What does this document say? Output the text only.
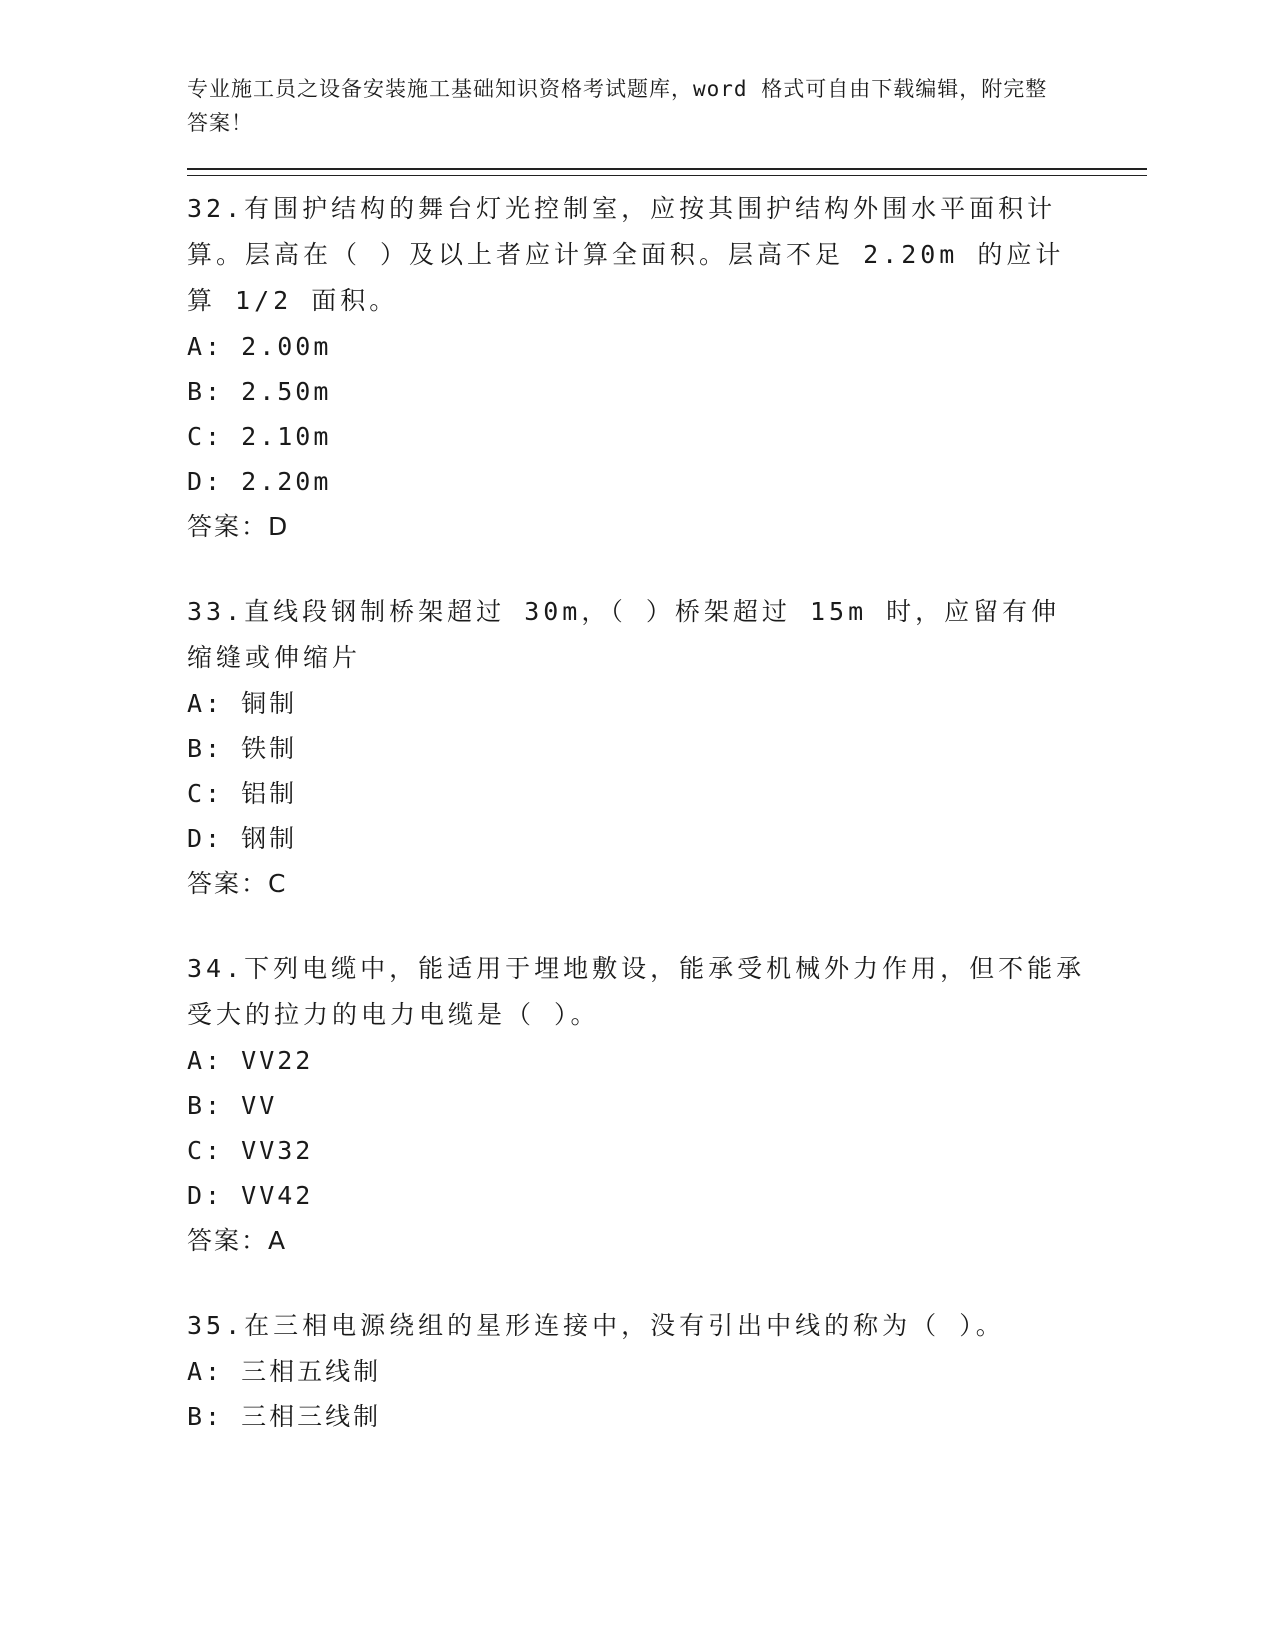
专业施工员之设备安装施工基础知识资格考试题库，word 格式可自由下载编辑，附完整答案！

32.有围护结构的舞台灯光控制室，应按其围护结构外围水平面积计算。层高在（ ）及以上者应计算全面积。层高不足 2.20m 的应计算 1/2 面积。

A: 2.00m

B: 2.50m

C: 2.10m

D: 2.20m

答案：D

33.直线段钢制桥架超过 30m，（ ）桥架超过 15m 时，应留有伸缩缝或伸缩片

A: 铜制

B: 铁制

C: 铝制

D: 钢制

答案：C

34.下列电缆中，能适用于埋地敷设，能承受机械外力作用，但不能承受大的拉力的电力电缆是（ ）。

A: VV22

B: VV

C: VV32

D: VV42

答案：A

35.在三相电源绕组的星形连接中，没有引出中线的称为（ ）。

A: 三相五线制

B: 三相三线制
